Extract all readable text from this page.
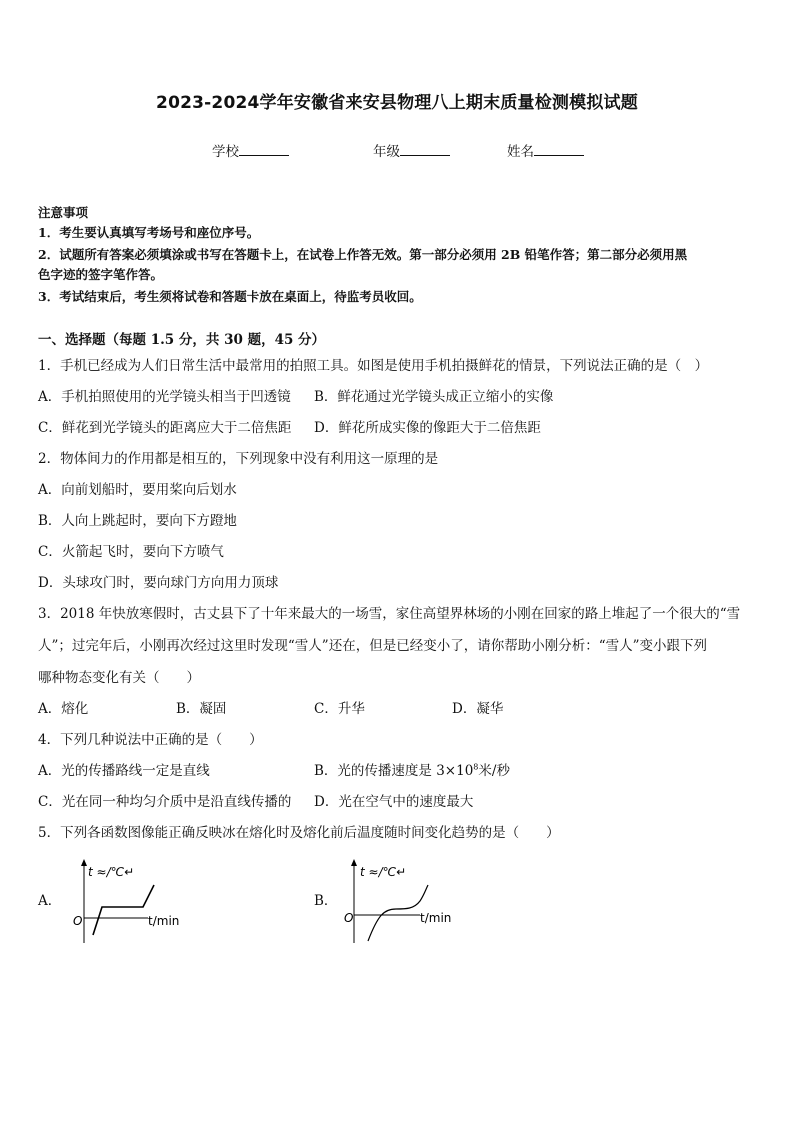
2023-2024学年安徽省来安县物理八上期末质量检测模拟试题
学校	年级	姓名
注意事项
1．考生要认真填写考场号和座位序号。
2．试题所有答案必须填涂或书写在答题卡上，在试卷上作答无效。第一部分必须用 2B 铅笔作答；第二部分必须用黑
色字迹的签字笔作答。
3．考试结束后，考生须将试卷和答题卡放在桌面上，待监考员收回。
一、选择题（每题 1.5 分，共 30 题，45 分）
1．手机已经成为人们日常生活中最常用的拍照工具。如图是使用手机拍摄鲜花的情景，下列说法正确的是（　）
A．手机拍照使用的光学镜头相当于凹透镜 B．鲜花通过光学镜头成正立缩小的实像
C．鲜花到光学镜头的距离应大于二倍焦距 D．鲜花所成实像的像距大于二倍焦距
2．物体间力的作用都是相互的，下列现象中没有利用这一原理的是
A．向前划船时，要用桨向后划水
B．人向上跳起时，要向下方蹬地
C．火箭起飞时，要向下方喷气
D．头球攻门时，要向球门方向用力顶球
3．2018 年快放寒假时，古丈县下了十年来最大的一场雪，家住高望界林场的小刚在回家的路上堆起了一个很大的“雪
人”；过完年后，小刚再次经过这里时发现“雪人”还在，但是已经变小了，请你帮助小刚分析：“雪人”变小跟下列
哪种物态变化有关（　　）
A．熔化	B．凝固	C．升华	D．凝华
4．下列几种说法中正确的是（　　）
A．光的传播路线一定是直线	B．光的传播速度是 $3\times 10^8$米/秒
C．光在同一种均匀介质中是沿直线传播的 D．光在空气中的速度最大
5．下列各函数图像能正确反映冰在熔化时及熔化前后温度随时间变化趋势的是（　　）
A．
t ≈/℃↵
O	t/min
B．
t ≈/℃↵
O	t/min
